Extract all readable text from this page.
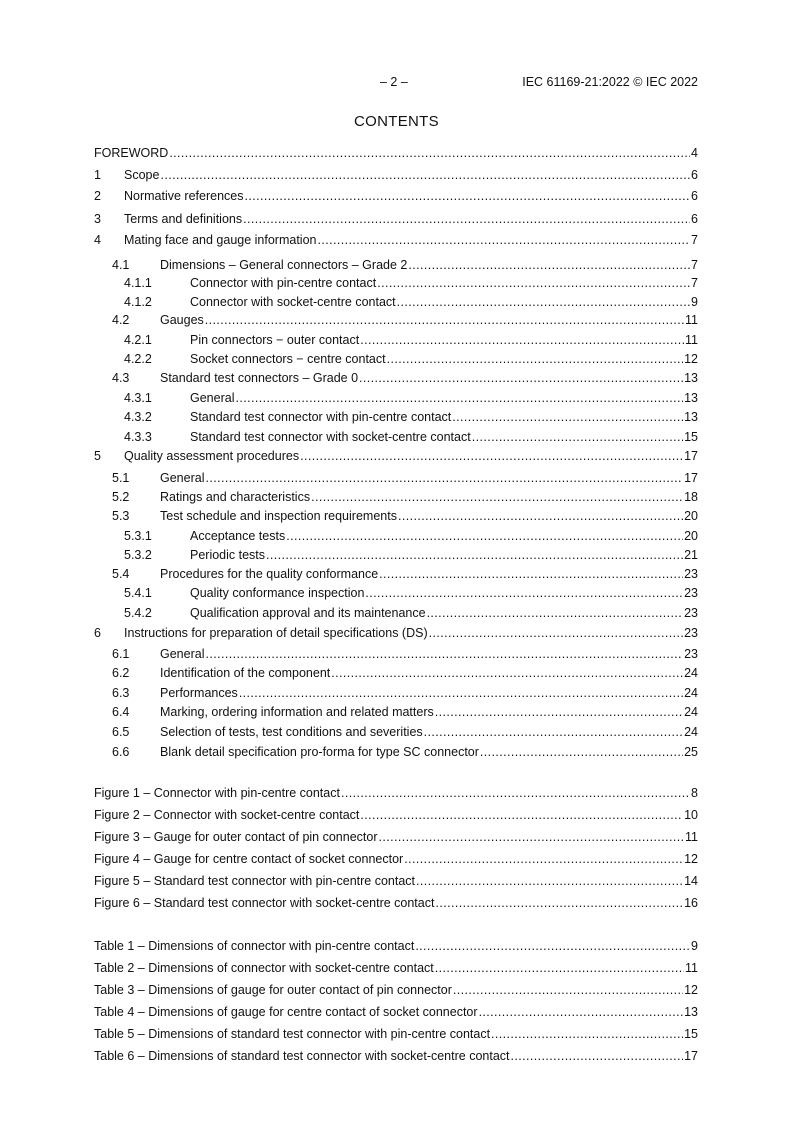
– 2 –	IEC 61169-21:2022 © IEC 2022
CONTENTS
FOREWORD .....	4
1	Scope .....	6
2	Normative references .....	6
3	Terms and definitions .....	6
4	Mating face and gauge information .....	7
4.1	Dimensions – General connectors – Grade 2 .....	7
4.1.1	Connector with pin-centre contact .....	7
4.1.2	Connector with socket-centre contact .....	9
4.2	Gauges .....	11
4.2.1	Pin connectors − outer contact .....	11
4.2.2	Socket connectors − centre contact .....	12
4.3	Standard test connectors – Grade 0 .....	13
4.3.1	General .....	13
4.3.2	Standard test connector with pin-centre contact .....	13
4.3.3	Standard test connector with socket-centre contact .....	15
5	Quality assessment procedures .....	17
5.1	General .....	17
5.2	Ratings and characteristics .....	18
5.3	Test schedule and inspection requirements .....	20
5.3.1	Acceptance tests .....	20
5.3.2	Periodic tests .....	21
5.4	Procedures for the quality conformance .....	23
5.4.1	Quality conformance inspection .....	23
5.4.2	Qualification approval and its maintenance .....	23
6	Instructions for preparation of detail specifications (DS) .....	23
6.1	General .....	23
6.2	Identification of the component .....	24
6.3	Performances .....	24
6.4	Marking, ordering information and related matters .....	24
6.5	Selection of tests, test conditions and severities .....	24
6.6	Blank detail specification pro-forma for type SC connector .....	25
Figure 1 – Connector with pin-centre contact .....	8
Figure 2 – Connector with socket-centre contact .....	10
Figure 3 – Gauge for outer contact of pin connector .....	11
Figure 4 – Gauge for centre contact of socket connector .....	12
Figure 5 – Standard test connector with pin-centre contact .....	14
Figure 6 – Standard test connector with socket-centre contact .....	16
Table 1 – Dimensions of connector with pin-centre contact .....	9
Table 2 – Dimensions of connector with socket-centre contact .....	11
Table 3 – Dimensions of gauge for outer contact of pin connector .....	12
Table 4 – Dimensions of gauge for centre contact of socket connector .....	13
Table 5 – Dimensions of standard test connector with pin-centre contact .....	15
Table 6 – Dimensions of standard test connector with socket-centre contact .....	17
